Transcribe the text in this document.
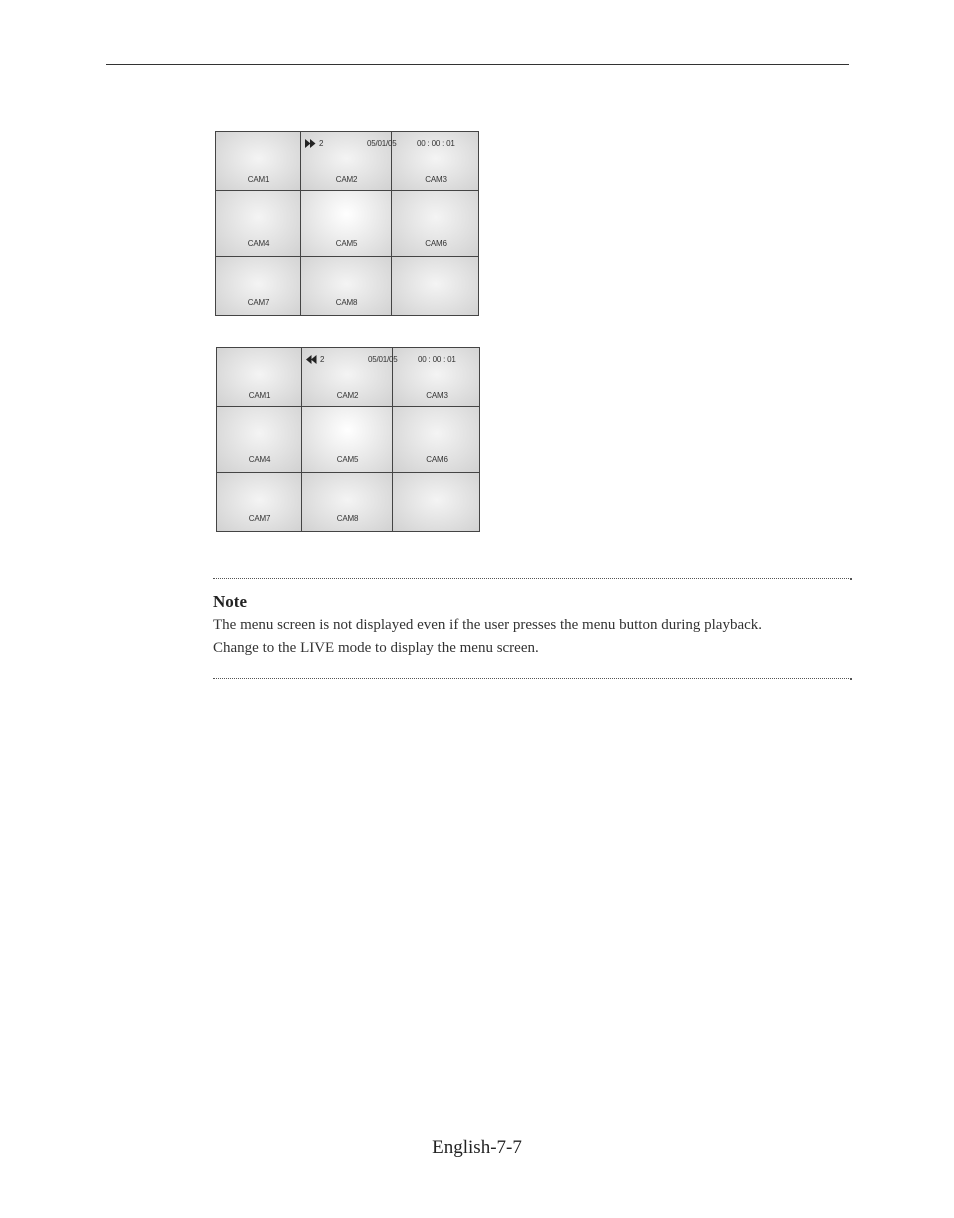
CAM1	CAM2	CAM3
CAM4	CAM5	CAM6
CAM7	CAM8
2	05/01/05	00 : 00 : 01
CAM1	CAM2	CAM3
CAM4	CAM5	CAM6
CAM7	CAM8
2	05/01/05	00 : 00 : 01
Note
The menu screen is not displayed even if the user presses the menu button during playback.
Change to the LIVE mode to display the menu screen.
English-7-7
